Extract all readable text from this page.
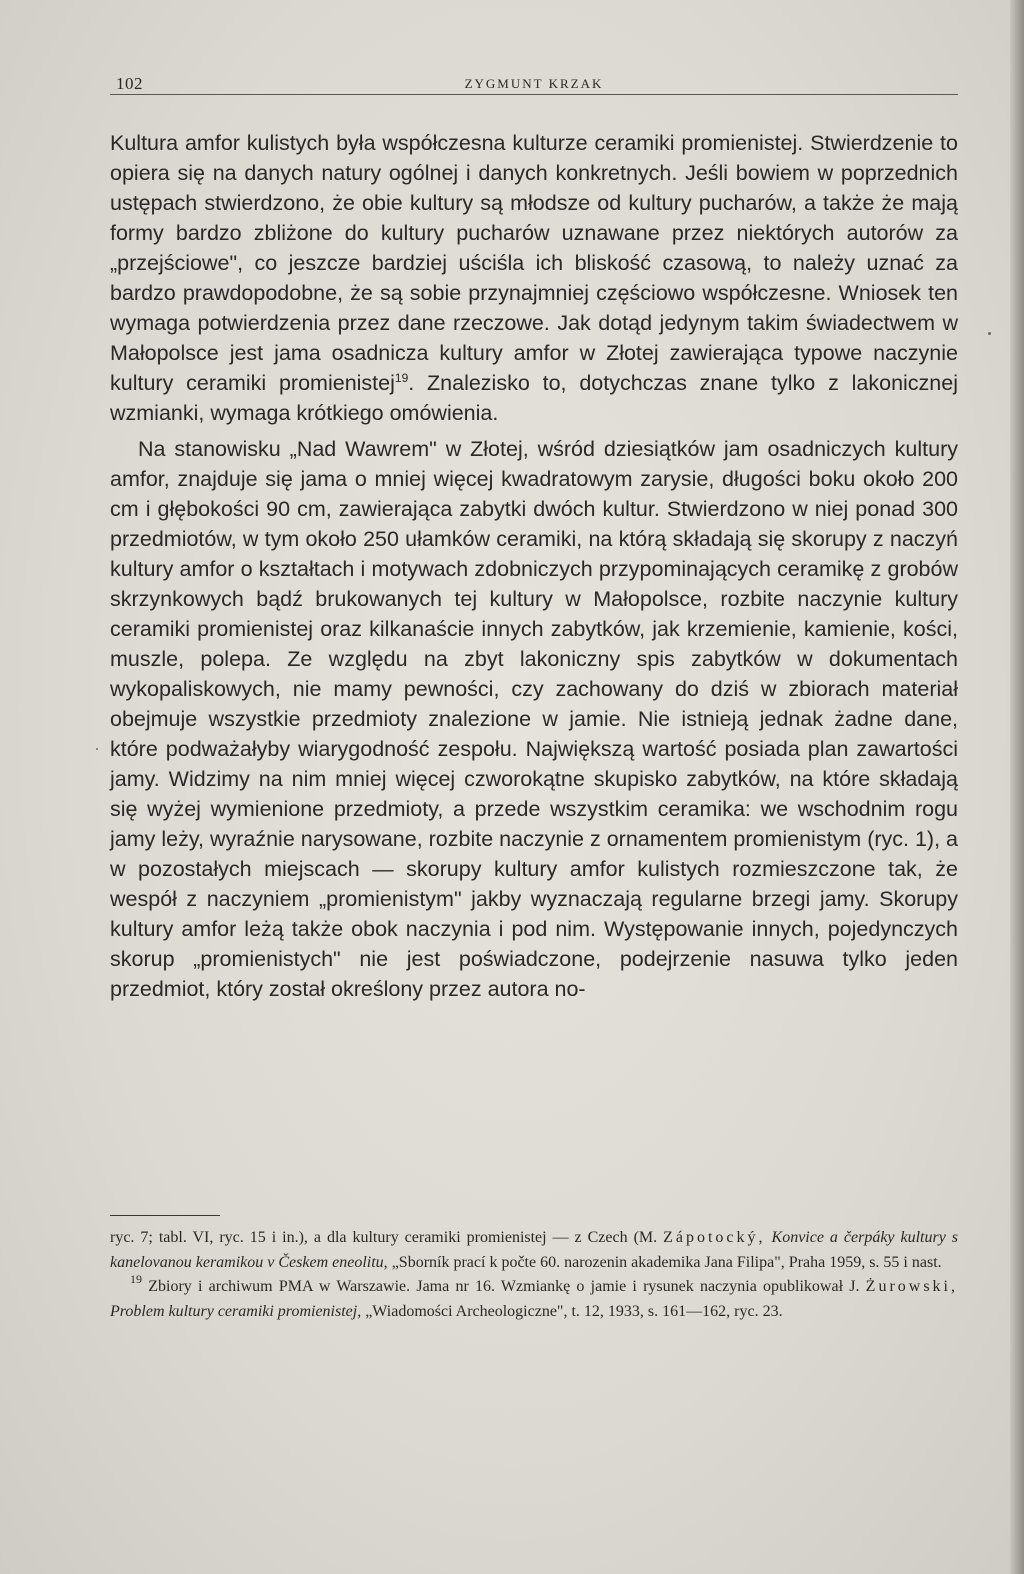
102	ZYGMUNT KRZAK

Kultura amfor kulistych była współczesna kulturze ceramiki promienistej. Stwierdzenie to opiera się na danych natury ogólnej i danych konkretnych. Jeśli bowiem w poprzednich ustępach stwierdzono, że obie kultury są młodsze od kultury pucharów, a także że mają formy bardzo zbliżone do kultury pucharów uznawane przez niektórych autorów za „przejściowe", co jeszcze bardziej uściśla ich bliskość czasową, to należy uznać za bardzo prawdopodobne, że są sobie przynajmniej częściowo współczesne. Wniosek ten wymaga potwierdzenia przez dane rzeczowe. Jak dotąd jedynym takim świadectwem w Małopolsce jest jama osadnicza kultury amfor w Złotej zawierająca typowe naczynie kultury ceramiki promienistej$^{19}$. Znalezisko to, dotychczas znane tylko z lakonicznej wzmianki, wymaga krótkiego omówienia.

Na stanowisku „Nad Wawrem" w Złotej, wśród dziesiątków jam osadniczych kultury amfor, znajduje się jama o mniej więcej kwadratowym zarysie, długości boku około 200 cm i głębokości 90 cm, zawierająca zabytki dwóch kultur. Stwierdzono w niej ponad 300 przedmiotów, w tym około 250 ułamków ceramiki, na którą składają się skorupy z naczyń kultury amfor o kształtach i motywach zdobniczych przypominających ceramikę z grobów skrzynkowych bądź brukowanych tej kultury w Małopolsce, rozbite naczynie kultury ceramiki promienistej oraz kilkanaście innych zabytków, jak krzemienie, kamienie, kości, muszle, polepa. Ze względu na zbyt lakoniczny spis zabytków w dokumentach wykopaliskowych, nie mamy pewności, czy zachowany do dziś w zbiorach materiał obejmuje wszystkie przedmioty znalezione w jamie. Nie istnieją jednak żadne dane, które podważałyby wiarygodność zespołu. Największą wartość posiada plan zawartości jamy. Widzimy na nim mniej więcej czworokątne skupisko zabytków, na które składają się wyżej wymienione przedmioty, a przede wszystkim ceramika: we wschodnim rogu jamy leży, wyraźnie narysowane, rozbite naczynie z ornamentem promienistym (ryc. 1), a w pozostałych miejscach — skorupy kultury amfor kulistych rozmieszczone tak, że wespół z naczyniem „promienistym" jakby wyznaczają regularne brzegi jamy. Skorupy kultury amfor leżą także obok naczynia i pod nim. Występowanie innych, pojedynczych skorup „promienistych" nie jest poświadczone, podejrzenie nasuwa tylko jeden przedmiot, który został określony przez autora no-

ryc. 7; tabl. VI, ryc. 15 i in.), a dla kultury ceramiki promienistej — z Czech (M. Zápotocký, Konvice a čerpáky kultury s kanelovanou keramikou v Českem eneolitu, „Sborník prací k počte 60. narozenin akademika Jana Filipa", Praha 1959, s. 55 i nast.

$^{19}$ Zbiory i archiwum PMA w Warszawie. Jama nr 16. Wzmiankę o jamie i rysunek naczynia opublikował J. Żurowski, Problem kultury ceramiki promienistej, „Wiadomości Archeologiczne", t. 12, 1933, s. 161—162, ryc. 23.
